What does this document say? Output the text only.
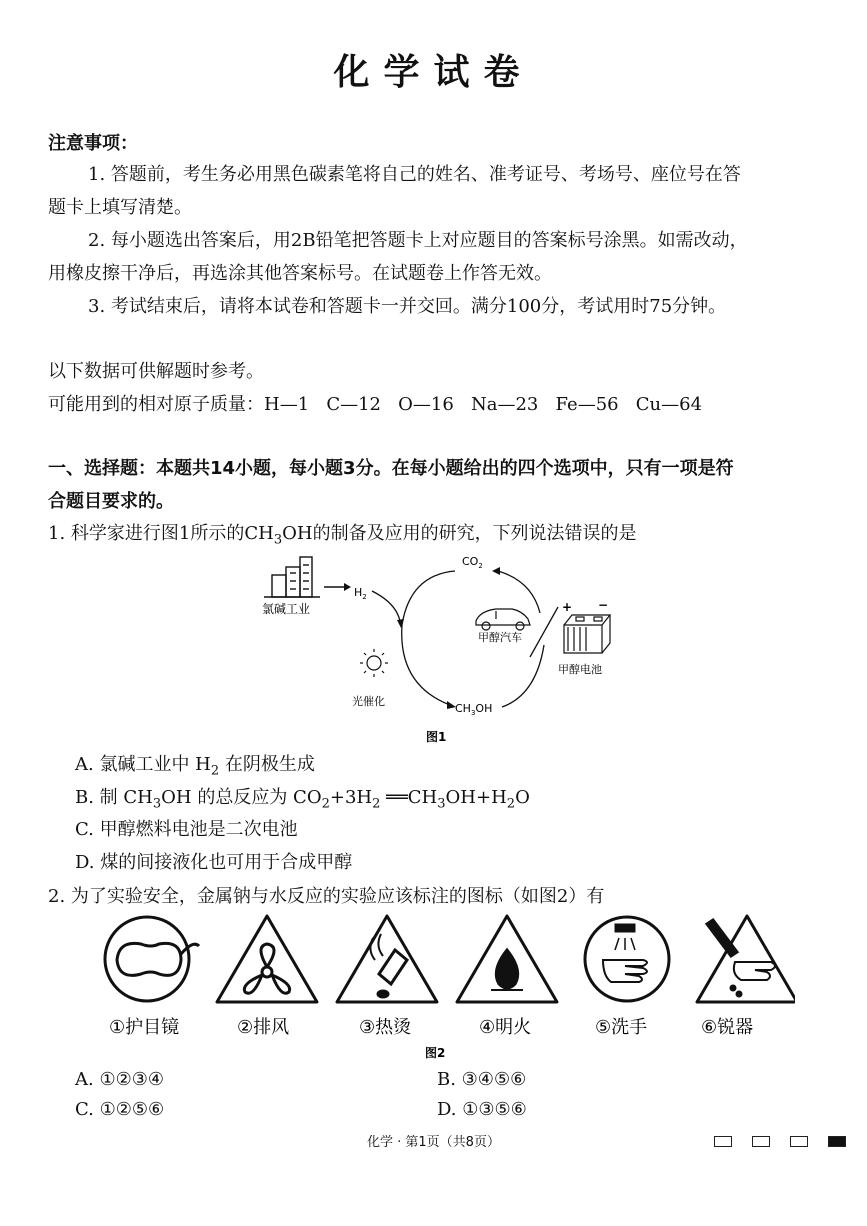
化学试卷
注意事项：
1. 答题前，考生务必用黑色碳素笔将自己的姓名、准考证号、考场号、座位号在答
题卡上填写清楚。
2. 每小题选出答案后，用2B铅笔把答题卡上对应题目的答案标号涂黑。如需改动，
用橡皮擦干净后，再选涂其他答案标号。在试题卷上作答无效。
3. 考试结束后，请将本试卷和答题卡一并交回。满分100分，考试用时75分钟。
以下数据可供解题时参考。
可能用到的相对原子质量：H—1   C—12   O—16   Na—23   Fe—56   Cu—64
一、选择题：本题共14小题，每小题3分。在每小题给出的四个选项中，只有一项是符
合题目要求的。
1. 科学家进行图1所示的$CH_3OH$的制备及应用的研究，下列说法错误的是
氯碱工业
$H_2$
$CO_2$
$CH_3OH$
甲醇汽车
+ −
甲醇电池
光催化
图1
A. 氯碱工业中 $H_2$ 在阴极生成
B. 制 $CH_3OH$ 的总反应为 $CO_2+3H_2$ $══CH_3OH+H_2O$
C. 甲醇燃料电池是二次电池
D. 煤的间接液化也可用于合成甲醇
2. 为了实验安全，金属钠与水反应的实验应该标注的图标（如图2）有
①护目镜	②排风	③热烫	④明火	⑤洗手	⑥锐器
图2
A. ①②③④	B. ③④⑤⑥
C. ①②⑤⑥	D. ①③⑤⑥
化学 · 第1页（共8页）
